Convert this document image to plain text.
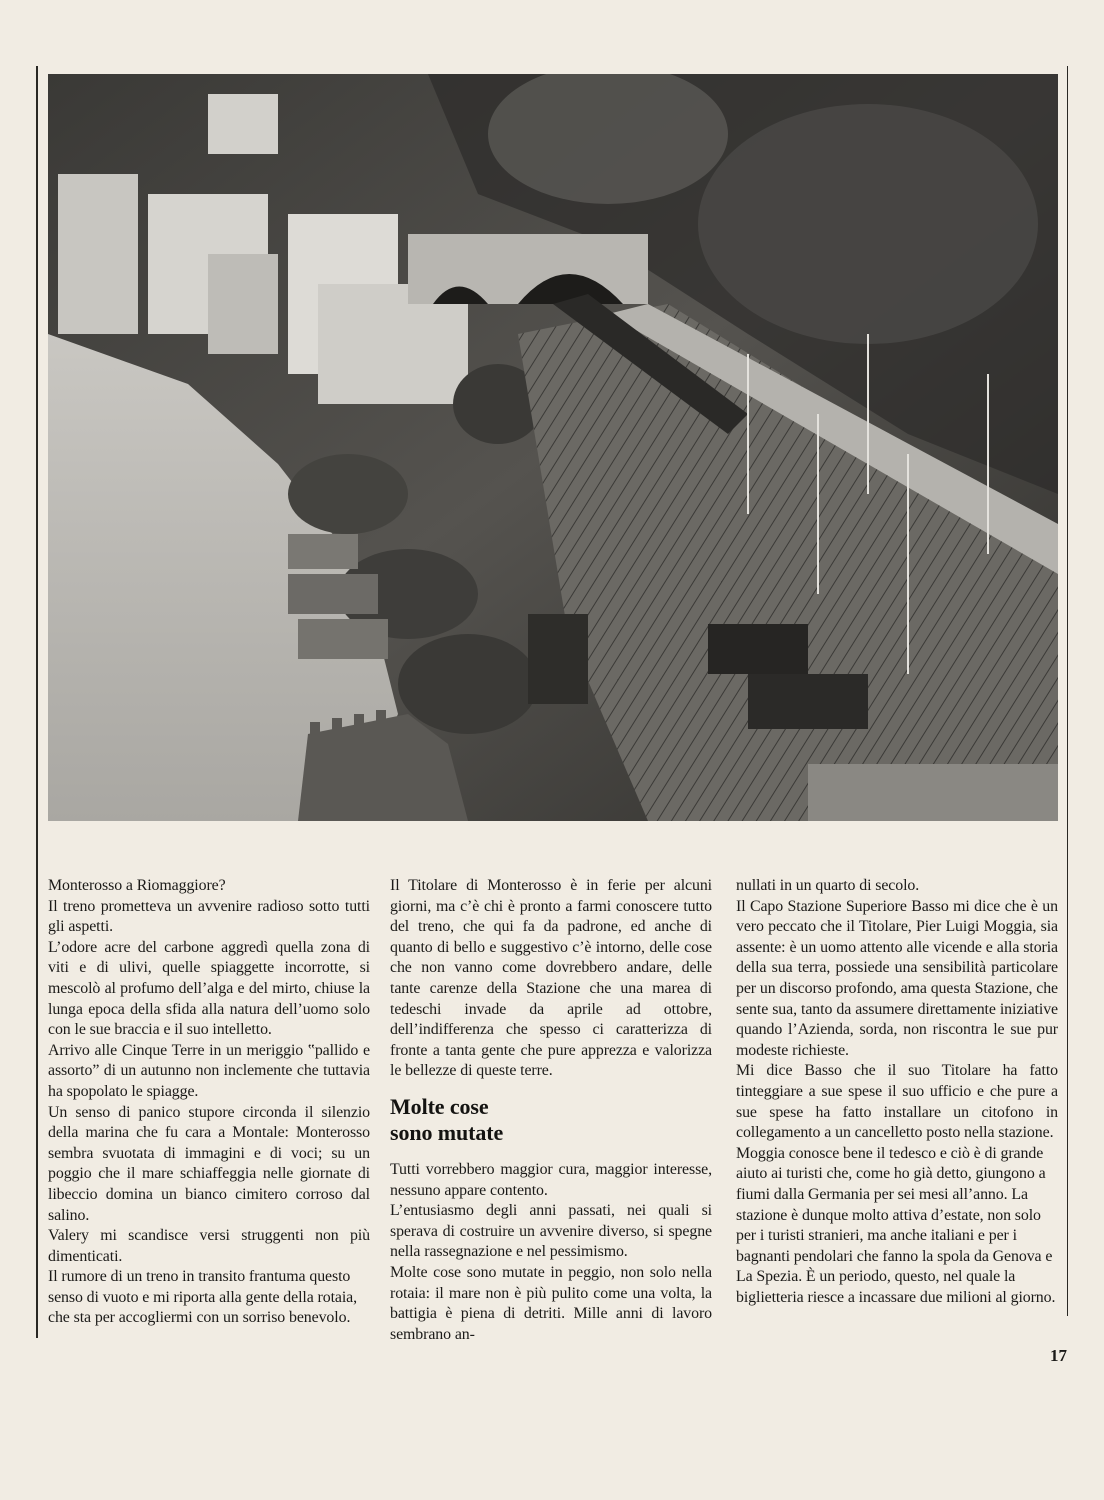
Monterosso a Riomaggiore?

Il treno prometteva un avvenire radioso sotto tutti gli aspetti.

L’odore acre del carbone aggredì quella zona di viti e di ulivi, quelle spiaggette incorrotte, si mescolò al profumo dell’alga e del mirto, chiuse la lunga epoca della sfida alla natura dell’uomo solo con le sue braccia e il suo intelletto.

Arrivo alle Cinque Terre in un meriggio ‟pallido e assorto” di un autunno non inclemente che tuttavia ha spopolato le spiagge.

Un senso di panico stupore circonda il silenzio della marina che fu cara a Montale: Monterosso sembra svuotata di immagini e di voci; su un poggio che il mare schiaffeggia nelle giornate di libeccio domina un bianco cimitero corroso dal salino.

Valery mi scandisce versi struggenti non più dimenticati.

Il rumore di un treno in transito frantuma questo senso di vuoto e mi riporta alla gente della rotaia, che sta per accogliermi con un sorriso benevolo.

Il Titolare di Monterosso è in ferie per alcuni giorni, ma c’è chi è pronto a farmi conoscere tutto del treno, che qui fa da padrone, ed anche di quanto di bello e suggestivo c’è intorno, delle cose che non vanno come dovrebbero andare, delle tante carenze della Stazione che una marea di tedeschi invade da aprile ad ottobre, dell’indifferenza che spesso ci caratterizza di fronte a tanta gente che pure apprezza e valorizza le bellezze di queste terre.

Molte cose
sono mutate

Tutti vorrebbero maggior cura, maggior interesse, nessuno appare contento.

L’entusiasmo degli anni passati, nei quali si sperava di costruire un avvenire diverso, si spegne nella rassegnazione e nel pessimismo.

Molte cose sono mutate in peggio, non solo nella rotaia: il mare non è più pulito come una volta, la battigia è piena di detriti. Mille anni di lavoro sembrano an-

nullati in un quarto di secolo.

Il Capo Stazione Superiore Basso mi dice che è un vero peccato che il Titolare, Pier Luigi Moggia, sia assente: è un uomo attento alle vicende e alla storia della sua terra, possiede una sensibilità particolare per un discorso profondo, ama questa Stazione, che sente sua, tanto da assumere direttamente iniziative quando l’Azienda, sorda, non riscontra le sue pur modeste richieste.

Mi dice Basso che il suo Titolare ha fatto tinteggiare a sue spese il suo ufficio e che pure a sue spese ha fatto installare un citofono in collegamento a un cancelletto posto nella stazione.

Moggia conosce bene il tedesco e ciò è di grande aiuto ai turisti che, come ho già detto, giungono a fiumi dalla Germania per sei mesi all’anno. La stazione è dunque molto attiva d’estate, non solo per i turisti stranieri, ma anche italiani e per i bagnanti pendolari che fanno la spola da Genova e La Spezia. È un periodo, questo, nel quale la biglietteria riesce a incassare due milioni al giorno.

17
